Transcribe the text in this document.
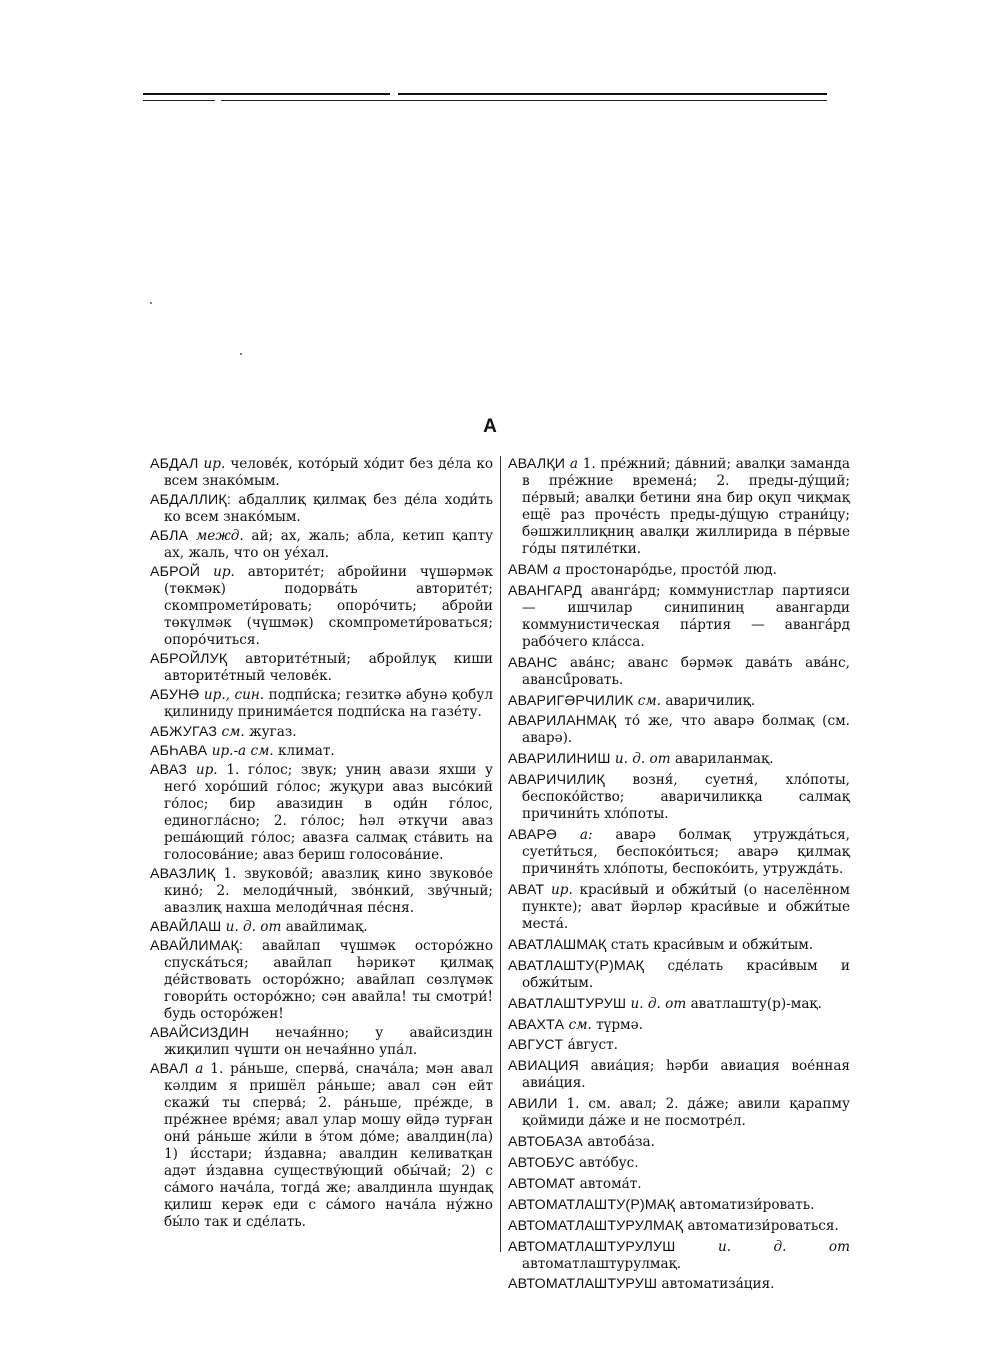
А

АБДАЛ ир. челове́к, кото́рый хо́дит без де́ла ко всем знако́мым.

АБДАЛЛИҚ: абдаллиқ қилмақ без де́ла ходи́ть ко всем знако́мым.

АБЛА межд. ай; ах, жаль; абла, кетип қапту ах, жаль, что он уе́хал.

АБРОЙ ир. авторите́т; абройини чүшәрмәк (төкмәк) подорва́ть авторите́т; скомпромети́ровать; опоро́чить; абройи төкүлмәк (чүшмәк) скомпромети́роваться; опоро́читься.

АБРОЙЛУҚ авторите́тный; абройлуқ киши авторите́тный челове́к.

АБУНӘ ир., син. подпи́ска; гезиткә абунә қобул қилиниду принима́ется подпи́ска на газе́ту.

АБЖУГАЗ см. жугаз.

АБҺАВА ир.-а см. климат.

АВАЗ ир. 1. го́лос; звук; униң авази яхши у него́ хоро́ший го́лос; жуқури аваз высо́кий го́лос; бир авазидин в оди́н го́лос, единогла́сно; 2. го́лос; һәл әткүчи аваз реша́ющий го́лос; авазға салмақ ста́вить на голосова́ние; аваз бериш голосова́ние.

АВАЗЛИҚ 1. звуково́й; авазлиқ кино звуково́е кино́; 2. мелоди́чный, зво́нкий, зву́чный; авазлиқ нахша мелоди́чная пе́сня.

АВАЙЛАШ и. д. от авайлимақ.

АВАЙЛИМАҚ: авайлап чүшмәк осторо́жно спуска́ться; авайлап һәрикәт қилмақ де́йствовать осторо́жно; авайлап сөзлүмәк говори́ть осторо́жно; сән авайла! ты смотри́! будь осторо́жен!

АВАЙСИЗДИН нечая́нно; у авайсиздин жиқилип чүшти он нечая́нно упа́л.

АВАЛ а 1. ра́ньше, сперва́, снача́ла; мән авал кәлдим я пришёл ра́ньше; авал сән ейт скажи́ ты сперва́; 2. ра́ньше, пре́жде, в пре́жнее вре́мя; авал улар мошу өйдә турған они́ ра́ньше жи́ли в э́том до́ме; авалдин(ла) 1) и́сстари; и́здавна; авалдин келиватқан адәт и́здавна существу́ющий обы́чай; 2) с са́мого нача́ла, тогда́ же; авалдинла шундақ қилиш керәк еди с са́мого нача́ла ну́жно бы́ло так и сде́лать.

АВАЛҚИ а 1. пре́жний; да́вний; авалқи заманда в пре́жние времена́; 2. преды-ду́щий; пе́рвый; авалқи бетини яна бир оқуп чиқмақ ещё раз проче́сть преды-ду́щую страни́цу; бәшжиллиқниң авалқи жиллирида в пе́рвые го́ды пятиле́тки.

АВАМ а простонаро́дье, просто́й люд.

АВАНГАРД аванга́рд; коммунистлар партияси — ишчилар синипиниң авангарди коммунистическая па́ртия — аванга́рд рабо́чего кла́сса.

АВАНС ава́нс; аванс бәрмәк дава́ть ава́нс, авансú́ровать.

АВАРИГӘРЧИЛИК см. аваричилиқ.

АВАРИЛАНМАҚ то́ же, что аварә болмақ (см. аварә).

АВАРИЛИНИШ и. д. от авариланмақ.

АВАРИЧИЛИҚ возня́, суетня́, хло́поты, беспоко́йство; аваричиликқа салмақ причини́ть хло́поты.

АВАРӘ а: аварә болмақ утружда́ться, суети́ться, беспоко́иться; аварә қилмақ причиня́ть хло́поты, беспоко́ить, утружда́ть.

АВАТ ир. краси́вый и обжи́тый (о населённом пункте); ават йәрләр краси́вые и обжи́тые места́.

АВАТЛАШМАҚ стать краси́вым и обжи́тым.

АВАТЛАШТУ(Р)МАҚ сде́лать краси́вым и обжи́тым.

АВАТЛАШТУРУШ и. д. от аватлашту(р)-мақ.

АВАХТА см. түрмә.

АВГУСТ а́вгуст.

АВИАЦИЯ авиа́ция; һәрби авиация вое́нная авиа́ция.

АВИЛИ 1. см. авал; 2. да́же; авили қарапму қоймиди да́же и не посмотре́л.

АВТОБАЗА автоба́за.

АВТОБУС авто́бус.

АВТОМАТ автома́т.

АВТОМАТЛАШТУ(Р)МАҚ автоматизи́ровать.

АВТОМАТЛАШТУРУЛМАҚ автоматизи́роваться.

АВТОМАТЛАШТУРУЛУШ	и. д. от автоматлаштурулмақ.

АВТОМАТЛАШТУРУШ автоматиза́ция.
